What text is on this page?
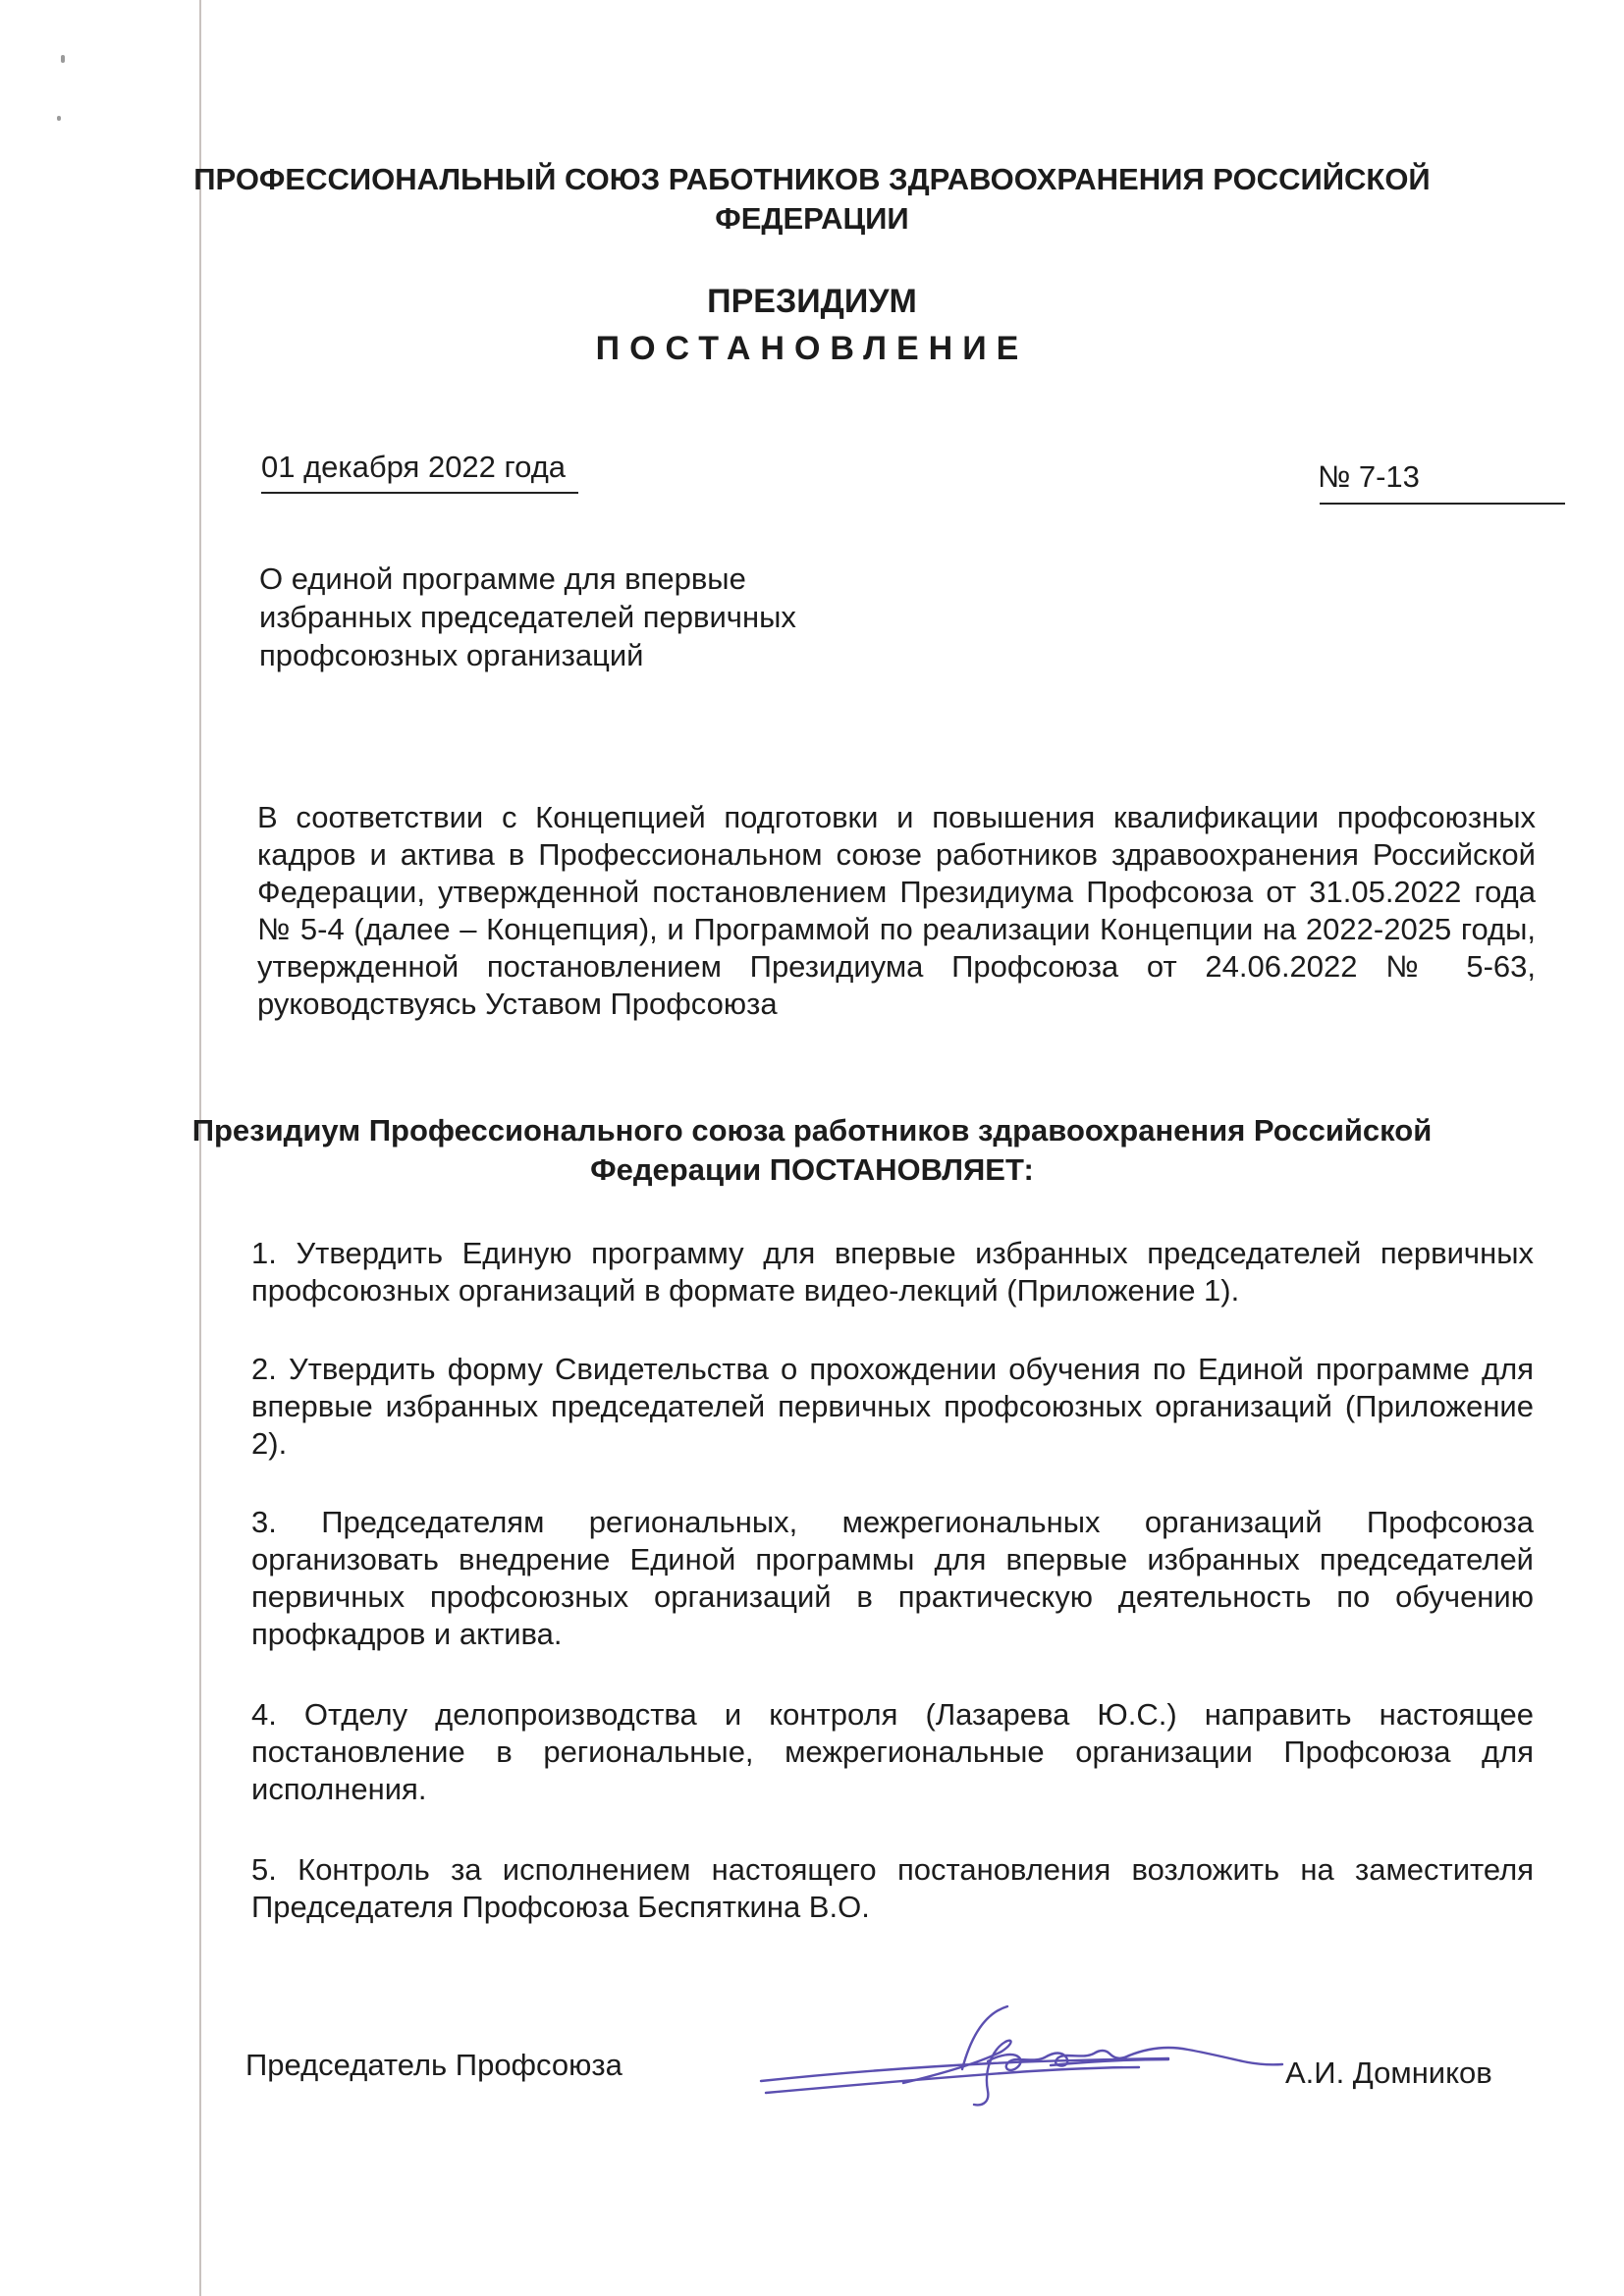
ПРОФЕССИОНАЛЬНЫЙ СОЮЗ РАБОТНИКОВ ЗДРАВООХРАНЕНИЯ РОССИЙСКОЙ ФЕДЕРАЦИИ
ПРЕЗИДИУМ
ПОСТАНОВЛЕНИЕ
01 декабря 2022 года	№ 7-13
О единой программе для впервые избранных председателей первичных профсоюзных организаций
В соответствии с Концепцией подготовки и повышения квалификации профсоюзных кадров и актива в Профессиональном союзе работников здравоохранения Российской Федерации, утвержденной постановлением Президиума Профсоюза от 31.05.2022 года № 5-4 (далее – Концепция), и Программой по реализации Концепции на 2022-2025 годы, утвержденной постановлением Президиума Профсоюза от 24.06.2022 № 5-63, руководствуясь Уставом Профсоюза
Президиум Профессионального союза работников здравоохранения Российской Федерации ПОСТАНОВЛЯЕТ:
1. Утвердить Единую программу для впервые избранных председателей первичных профсоюзных организаций в формате видео-лекций (Приложение 1).
2. Утвердить форму Свидетельства о прохождении обучения по Единой программе для впервые избранных председателей первичных профсоюзных организаций (Приложение 2).
3. Председателям региональных, межрегиональных организаций Профсоюза организовать внедрение Единой программы для впервые избранных председателей первичных профсоюзных организаций в практическую деятельность по обучению профкадров и актива.
4. Отделу делопроизводства и контроля (Лазарева Ю.С.) направить настоящее постановление в региональные, межрегиональные организации Профсоюза для исполнения.
5. Контроль за исполнением настоящего постановления возложить на заместителя Председателя Профсоюза Беспяткина В.О.
Председатель Профсоюза	А.И. Домников
